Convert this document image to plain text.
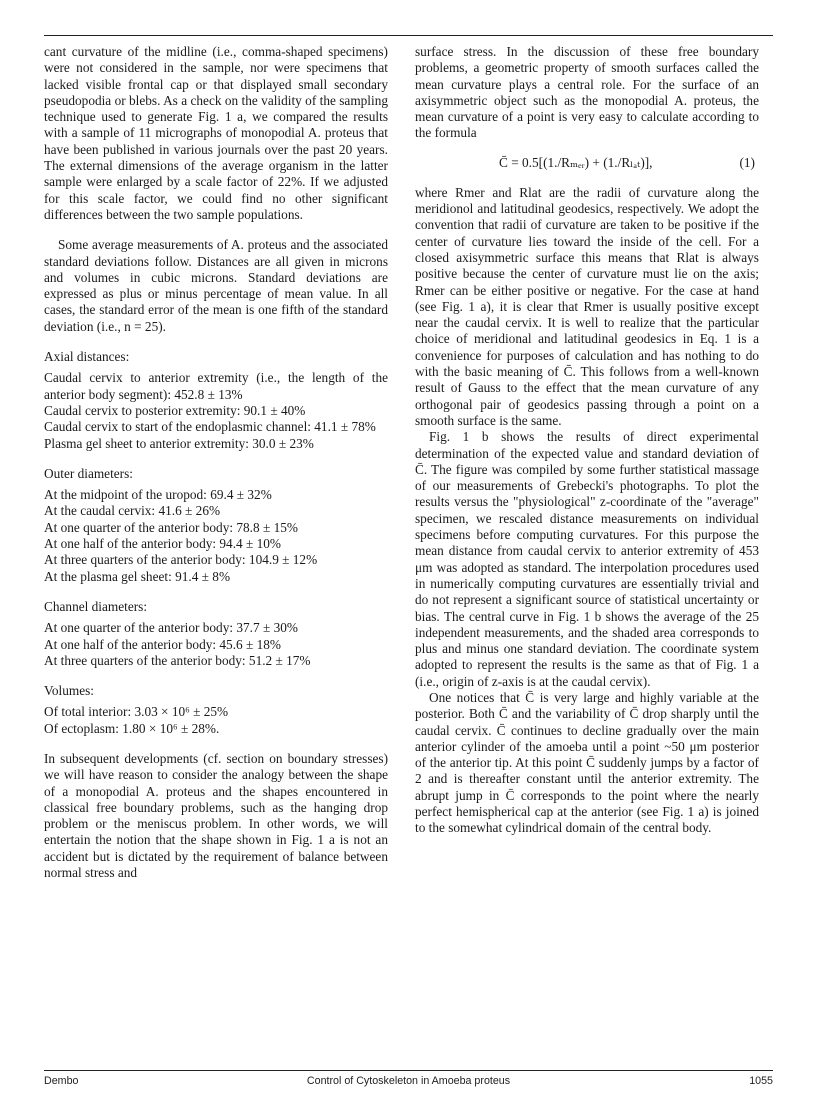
cant curvature of the midline (i.e., comma-shaped specimens) were not considered in the sample, nor were specimens that lacked visible frontal cap or that displayed small secondary pseudopodia or blebs. As a check on the validity of the sampling technique used to generate Fig. 1 a, we compared the results with a sample of 11 micrographs of monopodial A. proteus that have been published in various journals over the past 20 years. The external dimensions of the average organism in the latter sample were enlarged by a scale factor of 22%. If we adjusted for this scale factor, we could find no other significant differences between the two sample populations.

Some average measurements of A. proteus and the associated standard deviations follow. Distances are all given in microns and volumes in cubic microns. Standard deviations are expressed as plus or minus percentage of mean value. In all cases, the standard error of the mean is one fifth of the standard deviation (i.e., n = 25).

Axial distances:

Caudal cervix to anterior extremity (i.e., the length of the anterior body segment): 452.8 ± 13%

Caudal cervix to posterior extremity: 90.1 ± 40%

Caudal cervix to start of the endoplasmic channel: 41.1 ± 78%

Plasma gel sheet to anterior extremity: 30.0 ± 23%

Outer diameters:

At the midpoint of the uropod: 69.4 ± 32%

At the caudal cervix: 41.6 ± 26%

At one quarter of the anterior body: 78.8 ± 15%

At one half of the anterior body: 94.4 ± 10%

At three quarters of the anterior body: 104.9 ± 12%

At the plasma gel sheet: 91.4 ± 8%

Channel diameters:

At one quarter of the anterior body: 37.7 ± 30%

At one half of the anterior body: 45.6 ± 18%

At three quarters of the anterior body: 51.2 ± 17%

Volumes:

Of total interior: 3.03 × 10⁶ ± 25%

Of ectoplasm: 1.80 × 10⁶ ± 28%.

In subsequent developments (cf. section on boundary stresses) we will have reason to consider the analogy between the shape of a monopodial A. proteus and the shapes encountered in classical free boundary problems, such as the hanging drop problem or the meniscus problem. In other words, we will entertain the notion that the shape shown in Fig. 1 a is not an accident but is dictated by the requirement of balance between normal stress and

surface stress. In the discussion of these free boundary problems, a geometric property of smooth surfaces called the mean curvature plays a central role. For the surface of an axisymmetric object such as the monopodial A. proteus, the mean curvature of a point is very easy to calculate according to the formula

C̄ = 0.5[(1./Rₘₑᵣ) + (1./Rₗₐₜ)],	(1)

where Rmer and Rlat are the radii of curvature along the meridionol and latitudinal geodesics, respectively. We adopt the convention that radii of curvature are taken to be positive if the center of curvature lies toward the inside of the cell. For a closed axisymmetric surface this means that Rlat is always positive because the center of curvature must lie on the axis; Rmer can be either positive or negative. For the case at hand (see Fig. 1 a), it is clear that Rmer is usually positive except near the caudal cervix. It is well to realize that the particular choice of meridional and latitudinal geodesics in Eq. 1 is a convenience for purposes of calculation and has nothing to do with the basic meaning of C̄. This follows from a well-known result of Gauss to the effect that the mean curvature of any orthogonal pair of geodesics passing through a point on a smooth surface is the same.

Fig. 1 b shows the results of direct experimental determination of the expected value and standard deviation of C̄. The figure was compiled by some further statistical massage of our measurements of Grebecki's photographs. To plot the results versus the "physiological" z-coordinate of the "average" specimen, we rescaled distance measurements on individual specimens before computing curvatures. For this purpose the mean distance from caudal cervix to anterior extremity of 453 μm was adopted as standard. The interpolation procedures used in numerically computing curvatures are essentially trivial and do not represent a significant source of statistical uncertainty or bias. The central curve in Fig. 1 b shows the average of the 25 independent measurements, and the shaded area corresponds to plus and minus one standard deviation. The coordinate system adopted to represent the results is the same as that of Fig. 1 a (i.e., origin of z-axis is at the caudal cervix).

One notices that C̄ is very large and highly variable at the posterior. Both C̄ and the variability of C̄ drop sharply until the caudal cervix. C̄ continues to decline gradually over the main anterior cylinder of the amoeba until a point ~50 μm posterior of the anterior tip. At this point C̄ suddenly jumps by a factor of 2 and is thereafter constant until the anterior extremity. The abrupt jump in C̄ corresponds to the point where the nearly perfect hemispherical cap at the anterior (see Fig. 1 a) is joined to the somewhat cylindrical domain of the central body.

Dembo	Control of Cytoskeleton in Amoeba proteus	1055
